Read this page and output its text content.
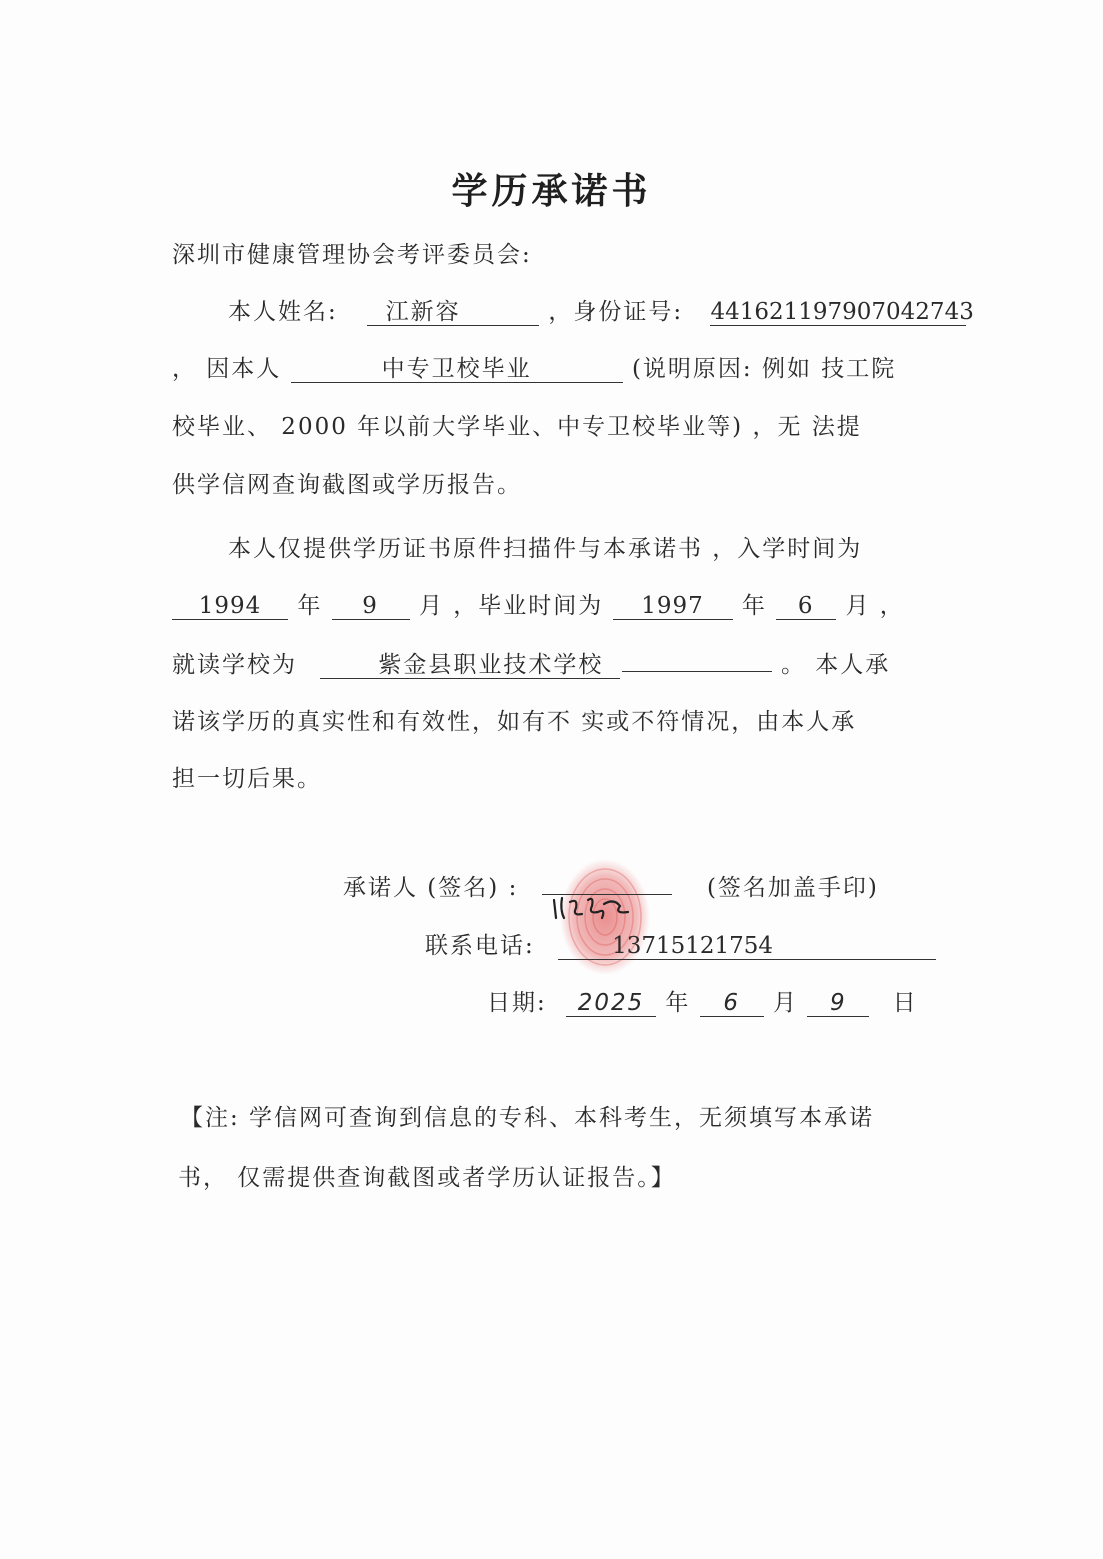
学历承诺书
深圳市健康管理协会考评委员会:
本人姓名: 江新容	，身份证号: 441621197907042743
， 因本人	中专卫校毕业	(说明原因: 例如 技工院
校毕业、 2000 年以前大学毕业、中专卫校毕业等) ，无 法提
供学信网查询截图或学历报告。
本人仅提供学历证书原件扫描件与本承诺书 ，入学时间为
1994 年 9 月 ，毕业时间为 1997 年 6 月 ，
就读学校为	紫金县职业技术学校	。 本人承
诺该学历的真实性和有效性，如有不 实或不符情况，由本人承
担一切后果。
承诺人 (签名) :	(签名加盖手印)
联系电话:	13715121754
日期: 2025 年 6 月 9 日
【注: 学信网可查询到信息的专科、本科考生，无须填写本承诺
书， 仅需提供查询截图或者学历认证报告。】
